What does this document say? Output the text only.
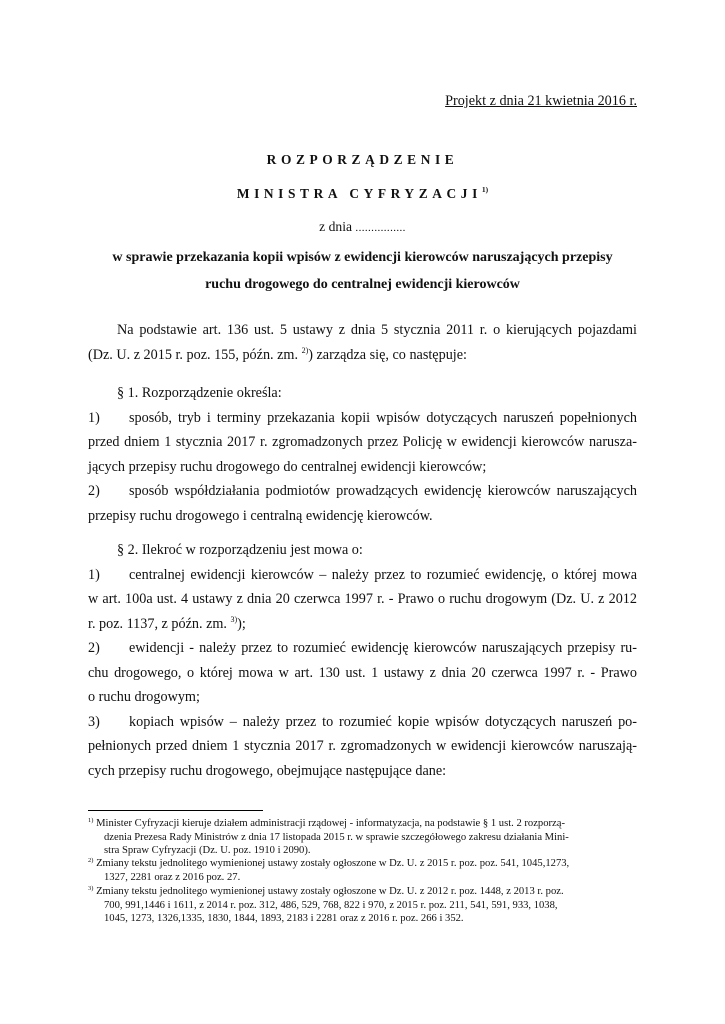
Projekt z dnia 21 kwietnia 2016 r.
ROZPORZĄDZENIE
MINISTRA CYFRYZACJI$^{1)}$
z dnia ................
w sprawie przekazania kopii wpisów z ewidencji kierowców naruszających przepisy
ruchu drogowego do centralnej ewidencji kierowców
Na podstawie art. 136 ust. 5 ustawy z dnia 5 stycznia 2011 r. o kierujących pojazdami
(Dz. U. z 2015 r. poz. 155, późn. zm. $^{2)}$) zarządza się, co następuje:
§ 1. Rozporządzenie określa:
1) sposób, tryb i terminy przekazania kopii wpisów dotyczących naruszeń popełnionych
przed dniem 1 stycznia 2017 r. zgromadzonych przez Policję w ewidencji kierowców narusza-
jących przepisy ruchu drogowego do centralnej ewidencji kierowców;
2) sposób współdziałania podmiotów prowadzących ewidencję kierowców naruszających
przepisy ruchu drogowego i centralną ewidencję kierowców.
§ 2. Ilekroć w rozporządzeniu jest mowa o:
1) centralnej ewidencji kierowców – należy przez to rozumieć ewidencję, o której mowa
w art. 100a ust. 4 ustawy z dnia 20 czerwca 1997 r. - Prawo o ruchu drogowym (Dz. U. z 2012
r. poz. 1137, z późn. zm. $^{3)}$);
2) ewidencji - należy przez to rozumieć ewidencję kierowców naruszających przepisy ru-
chu drogowego, o której mowa w art. 130 ust. 1 ustawy z dnia 20 czerwca 1997 r. - Prawo
o ruchu drogowym;
3) kopiach wpisów – należy przez to rozumieć kopie wpisów dotyczących naruszeń po-
pełnionych przed dniem 1 stycznia 2017 r. zgromadzonych w ewidencji kierowców naruszają-
cych przepisy ruchu drogowego, obejmujące następujące dane:
$^{1)}$ Minister Cyfryzacji kieruje działem administracji rządowej - informatyzacja, na podstawie § 1 ust. 2 rozporzą-
dzenia Prezesa Rady Ministrów z dnia 17 listopada 2015 r. w sprawie szczegółowego zakresu działania Mini-
stra Spraw Cyfryzacji (Dz. U. poz. 1910 i 2090).
$^{2)}$ Zmiany tekstu jednolitego wymienionej ustawy zostały ogłoszone w Dz. U. z 2015 r. poz. poz. 541, 1045,1273,
1327, 2281 oraz z 2016 poz. 27.
$^{3)}$ Zmiany tekstu jednolitego wymienionej ustawy zostały ogłoszone w Dz. U. z 2012 r. poz. 1448, z 2013 r. poz.
700, 991,1446 i 1611, z 2014 r. poz. 312, 486, 529, 768, 822 i 970, z 2015 r. poz. 211, 541, 591, 933, 1038,
1045, 1273, 1326,1335, 1830, 1844, 1893, 2183 i 2281 oraz z 2016 r. poz. 266 i 352.
